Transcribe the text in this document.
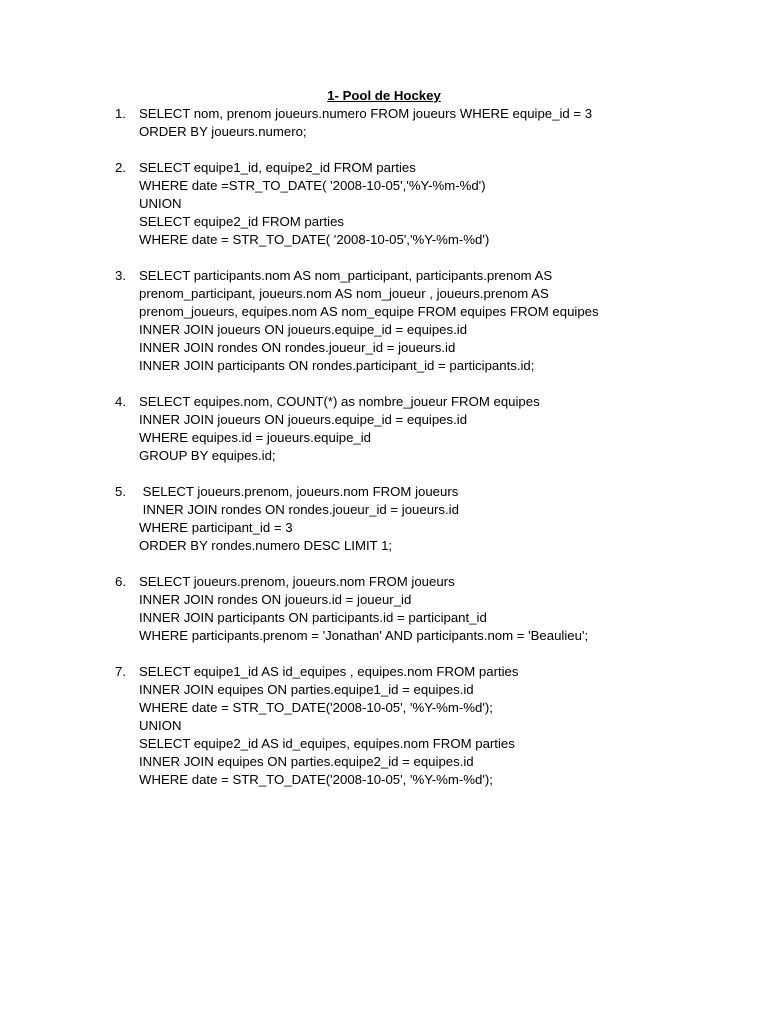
1- Pool de Hockey
1. SELECT nom, prenom joueurs.numero FROM joueurs WHERE equipe_id = 3
ORDER BY joueurs.numero;
2. SELECT equipe1_id, equipe2_id FROM parties
WHERE date =STR_TO_DATE( '2008-10-05','%Y-%m-%d')
UNION
SELECT equipe2_id FROM parties
WHERE date = STR_TO_DATE( '2008-10-05','%Y-%m-%d')
3. SELECT participants.nom AS nom_participant, participants.prenom AS
prenom_participant, joueurs.nom AS nom_joueur , joueurs.prenom AS
prenom_joueurs, equipes.nom AS nom_equipe FROM equipes FROM equipes
INNER JOIN joueurs ON joueurs.equipe_id = equipes.id
INNER JOIN rondes ON rondes.joueur_id = joueurs.id
INNER JOIN participants ON rondes.participant_id = participants.id;
4. SELECT equipes.nom, COUNT(*) as nombre_joueur FROM equipes
INNER JOIN joueurs ON joueurs.equipe_id = equipes.id
WHERE equipes.id = joueurs.equipe_id
GROUP BY equipes.id;
5. SELECT joueurs.prenom, joueurs.nom FROM joueurs
INNER JOIN rondes ON rondes.joueur_id = joueurs.id
WHERE participant_id = 3
ORDER BY rondes.numero DESC LIMIT 1;
6. SELECT joueurs.prenom, joueurs.nom FROM joueurs
INNER JOIN rondes ON joueurs.id = joueur_id
INNER JOIN participants ON participants.id = participant_id
WHERE participants.prenom = 'Jonathan' AND participants.nom = 'Beaulieu';
7. SELECT equipe1_id AS id_equipes , equipes.nom FROM parties
INNER JOIN equipes ON parties.equipe1_id = equipes.id
WHERE date = STR_TO_DATE('2008-10-05', '%Y-%m-%d');
UNION
SELECT equipe2_id AS id_equipes, equipes.nom FROM parties
INNER JOIN equipes ON parties.equipe2_id = equipes.id
WHERE date = STR_TO_DATE('2008-10-05', '%Y-%m-%d');
